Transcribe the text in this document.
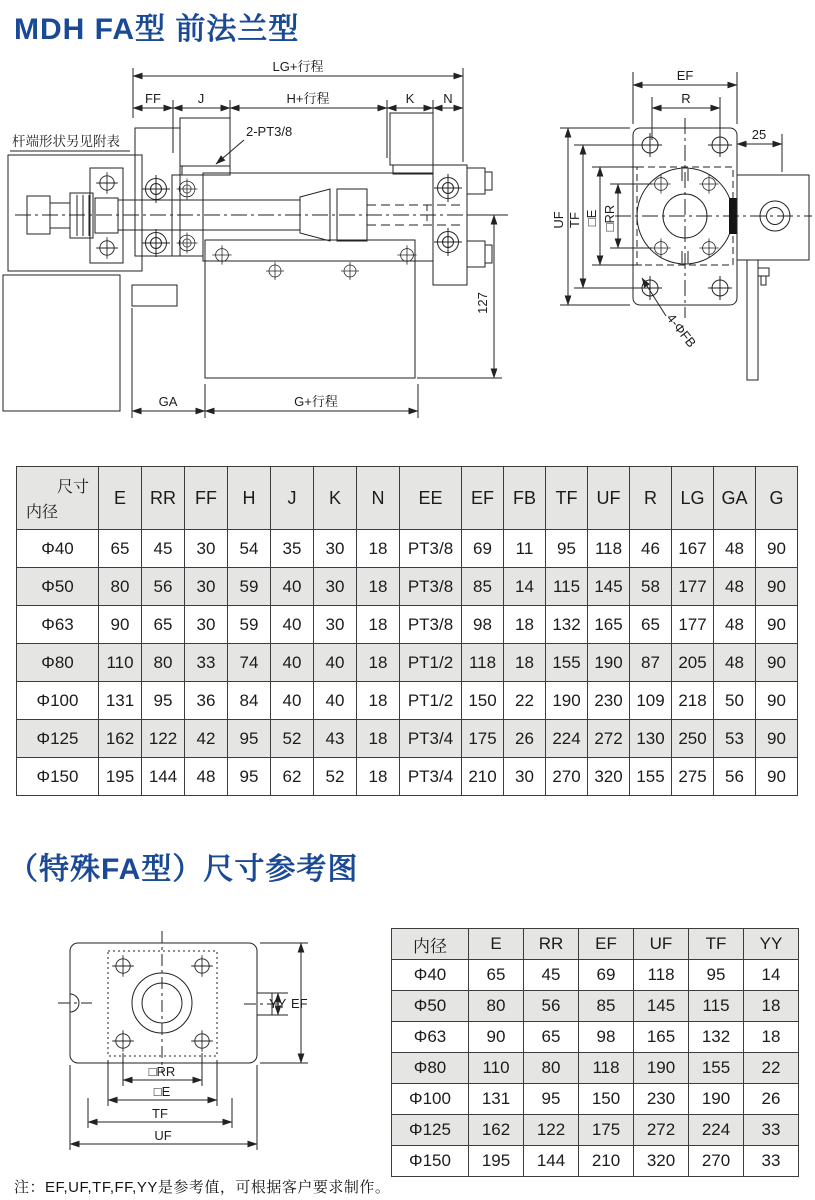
MDH FA型 前法兰型
（特殊FA型）尺寸参考图
LG+行程
FF	J	H+行程	K N
2-PT3/8
127
GA	G+行程
杆端形状另见附表
EF
R
25
UF TF □E □RR
4-ΦFB
YY EF
□RR
□E
TF
UF
尺寸
内径	E	RR	FF	H	J	K	N	EE	EF	FB	TF	UF	R	LG	GA	G
Φ40	65	45	30	54	35	30	18	PT3/8	69	11	95	118	46	167	48	90
Φ50	80	56	30	59	40	30	18	PT3/8	85	14	115	145	58	177	48	90
Φ63	90	65	30	59	40	30	18	PT3/8	98	18	132	165	65	177	48	90
Φ80	110	80	33	74	40	40	18	PT1/2	118	18	155	190	87	205	48	90
Φ100	131	95	36	84	40	40	18	PT1/2	150	22	190	230	109	218	50	90
Φ125	162	122	42	95	52	43	18	PT3/4	175	26	224	272	130	250	53	90
Φ150	195	144	48	95	62	52	18	PT3/4	210	30	270	320	155	275	56	90
内径	E	RR	EF	UF	TF	YY
Φ40	65	45	69	118	95	14
Φ50	80	56	85	145	115	18
Φ63	90	65	98	165	132	18
Φ80	110	80	118	190	155	22
Φ100	131	95	150	230	190	26
Φ125	162	122	175	272	224	33
Φ150	195	144	210	320	270	33
注：EF,UF,TF,FF,YY是参考值，可根据客户要求制作。
